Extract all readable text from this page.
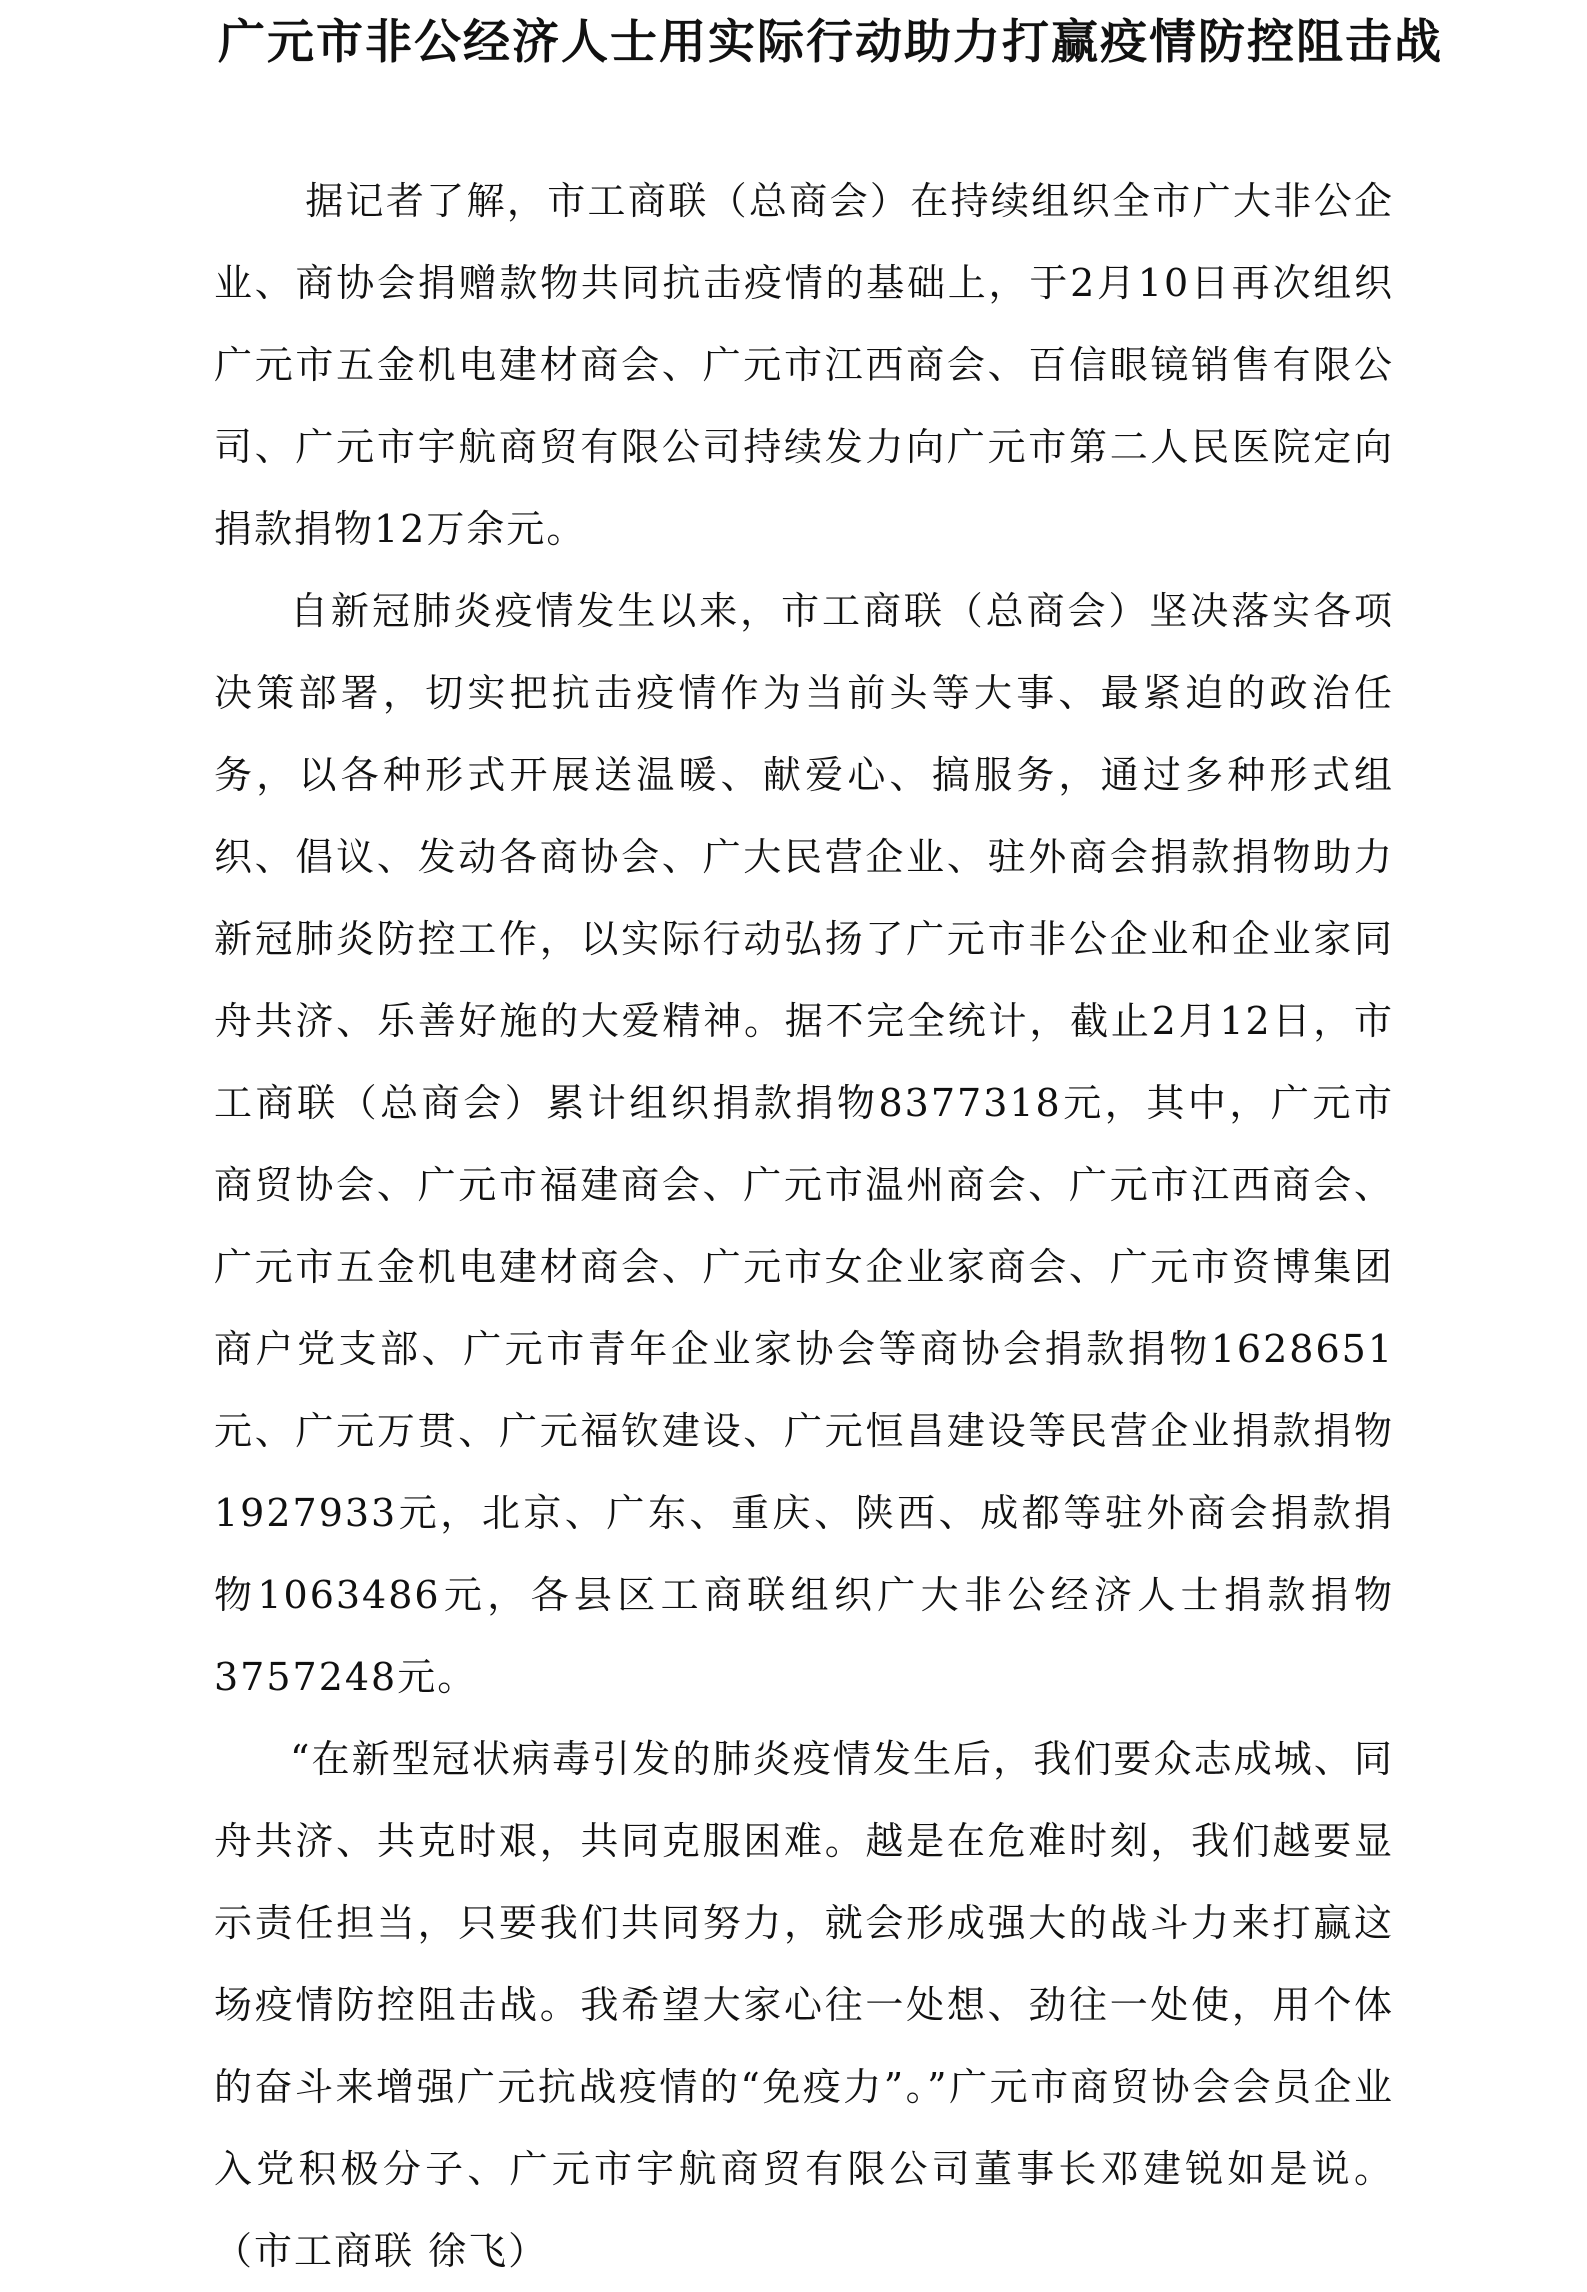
广元市非公经济人士用实际行动助力打赢疫情防控阻击战

据记者了解，市工商联（总商会）在持续组织全市广大非公企业、商协会捐赠款物共同抗击疫情的基础上，于2月10日再次组织广元市五金机电建材商会、广元市江西商会、百信眼镜销售有限公司、广元市宇航商贸有限公司持续发力向广元市第二人民医院定向捐款捐物12万余元。

自新冠肺炎疫情发生以来，市工商联（总商会）坚决落实各项决策部署，切实把抗击疫情作为当前头等大事、最紧迫的政治任务，以各种形式开展送温暖、献爱心、搞服务，通过多种形式组织、倡议、发动各商协会、广大民营企业、驻外商会捐款捐物助力新冠肺炎防控工作，以实际行动弘扬了广元市非公企业和企业家同舟共济、乐善好施的大爱精神。据不完全统计，截止2月12日，市工商联（总商会）累计组织捐款捐物8377318元，其中，广元市商贸协会、广元市福建商会、广元市温州商会、广元市江西商会、广元市五金机电建材商会、广元市女企业家商会、广元市资博集团商户党支部、广元市青年企业家协会等商协会捐款捐物1628651元、广元万贯、广元福钦建设、广元恒昌建设等民营企业捐款捐物1927933元，北京、广东、重庆、陕西、成都等驻外商会捐款捐物1063486元，各县区工商联组织广大非公经济人士捐款捐物3757248元。

“在新型冠状病毒引发的肺炎疫情发生后，我们要众志成城、同舟共济、共克时艰，共同克服困难。越是在危难时刻，我们越要显示责任担当，只要我们共同努力，就会形成强大的战斗力来打赢这场疫情防控阻击战。我希望大家心往一处想、劲往一处使，用个体的奋斗来增强广元抗战疫情的“免疫力”。”广元市商贸协会会员企业入党积极分子、广元市宇航商贸有限公司董事长邓建锐如是说。（市工商联 徐飞）
